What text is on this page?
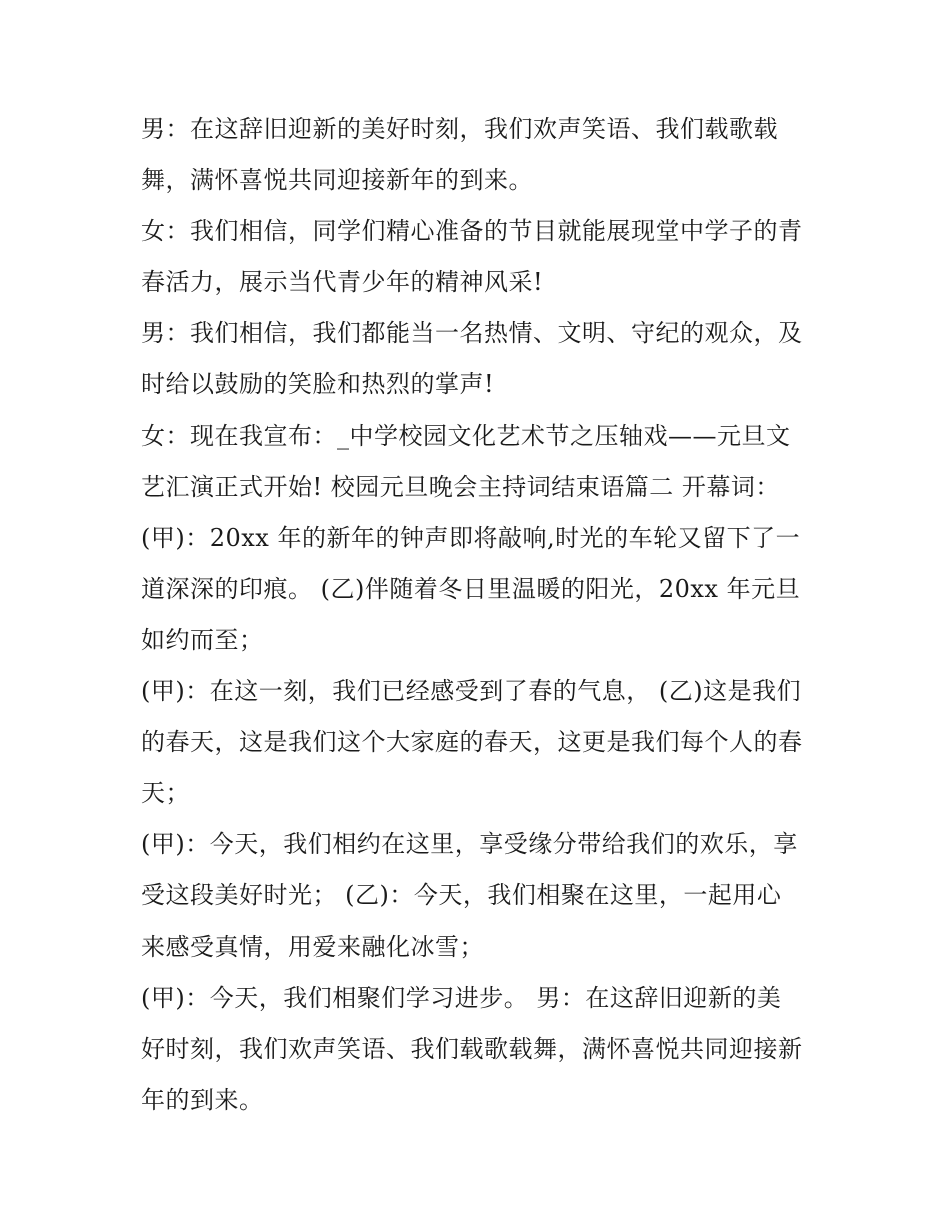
男：在这辞旧迎新的美好时刻，我们欢声笑语、我们载歌载
舞，满怀喜悦共同迎接新年的到来。
女：我们相信，同学们精心准备的节目就能展现堂中学子的青
春活力，展示当代青少年的精神风采!
男：我们相信，我们都能当一名热情、文明、守纪的观众，及
时给以鼓励的笑脸和热烈的掌声!
女：现在我宣布：_中学校园文化艺术节之压轴戏——元旦文
艺汇演正式开始! 校园元旦晚会主持词结束语篇二 开幕词：
(甲)：20xx 年的新年的钟声即将敲响,时光的车轮又留下了一
道深深的印痕。 (乙)伴随着冬日里温暖的阳光，20xx 年元旦
如约而至；
(甲)：在这一刻，我们已经感受到了春的气息， (乙)这是我们
的春天，这是我们这个大家庭的春天，这更是我们每个人的春
天；
(甲)：今天，我们相约在这里，享受缘分带给我们的欢乐，享
受这段美好时光； (乙)：今天，我们相聚在这里，一起用心
来感受真情，用爱来融化冰雪；
(甲)：今天，我们相聚们学习进步。 男：在这辞旧迎新的美
好时刻，我们欢声笑语、我们载歌载舞，满怀喜悦共同迎接新
年的到来。
